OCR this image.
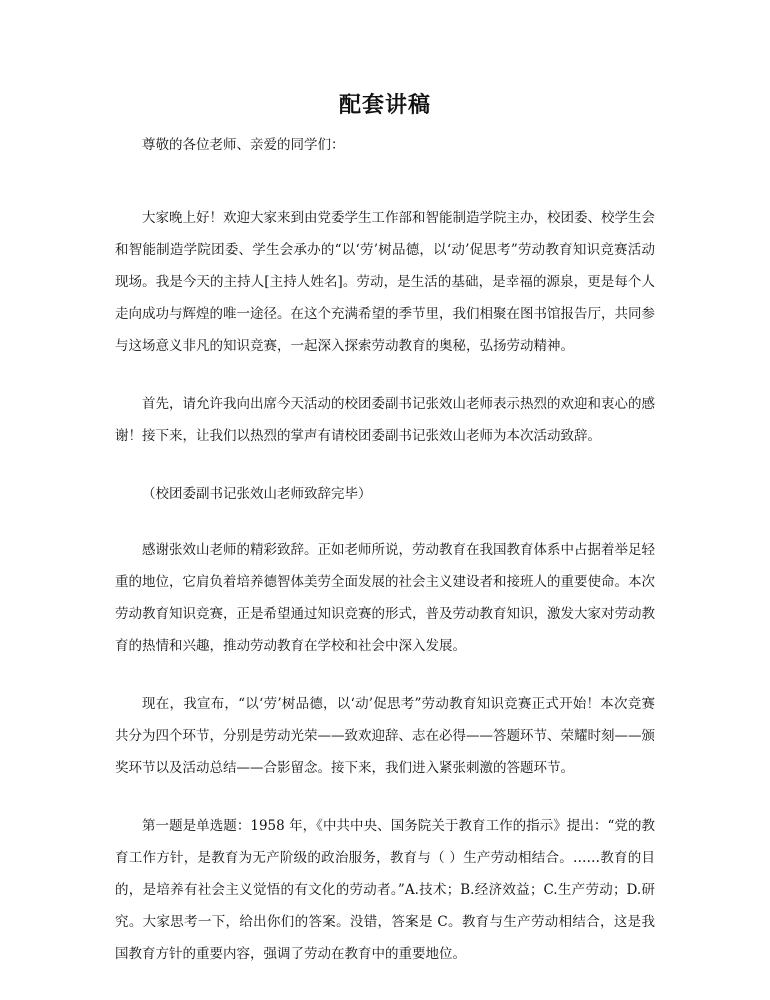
配套讲稿

尊敬的各位老师、亲爱的同学们：

大家晚上好！欢迎大家来到由党委学生工作部和智能制造学院主办，校团委、校学生会和智能制造学院团委、学生会承办的“以‘劳’树品德，以‘动’促思考”劳动教育知识竞赛活动现场。我是今天的主持人[主持人姓名]。劳动，是生活的基础，是幸福的源泉，更是每个人走向成功与辉煌的唯一途径。在这个充满希望的季节里，我们相聚在图书馆报告厅，共同参与这场意义非凡的知识竞赛，一起深入探索劳动教育的奥秘，弘扬劳动精神。

首先，请允许我向出席今天活动的校团委副书记张效山老师表示热烈的欢迎和衷心的感谢！接下来，让我们以热烈的掌声有请校团委副书记张效山老师为本次活动致辞。

（校团委副书记张效山老师致辞完毕）

感谢张效山老师的精彩致辞。正如老师所说，劳动教育在我国教育体系中占据着举足轻重的地位，它肩负着培养德智体美劳全面发展的社会主义建设者和接班人的重要使命。本次劳动教育知识竞赛，正是希望通过知识竞赛的形式，普及劳动教育知识，激发大家对劳动教育的热情和兴趣，推动劳动教育在学校和社会中深入发展。

现在，我宣布，“以‘劳’树品德，以‘动’促思考”劳动教育知识竞赛正式开始！本次竞赛共分为四个环节，分别是劳动光荣——致欢迎辞、志在必得——答题环节、荣耀时刻——颁奖环节以及活动总结——合影留念。接下来，我们进入紧张刺激的答题环节。

第一题是单选题：1958 年，《中共中央、国务院关于教育工作的指示》提出：“党的教育工作方针，是教育为无产阶级的政治服务，教育与（ ）生产劳动相结合。……教育的目的，是培养有社会主义觉悟的有文化的劳动者。”A.技术；B.经济效益；C.生产劳动；D.研究。大家思考一下，给出你们的答案。没错，答案是 C。教育与生产劳动相结合，这是我国教育方针的重要内容，强调了劳动在教育中的重要地位。
